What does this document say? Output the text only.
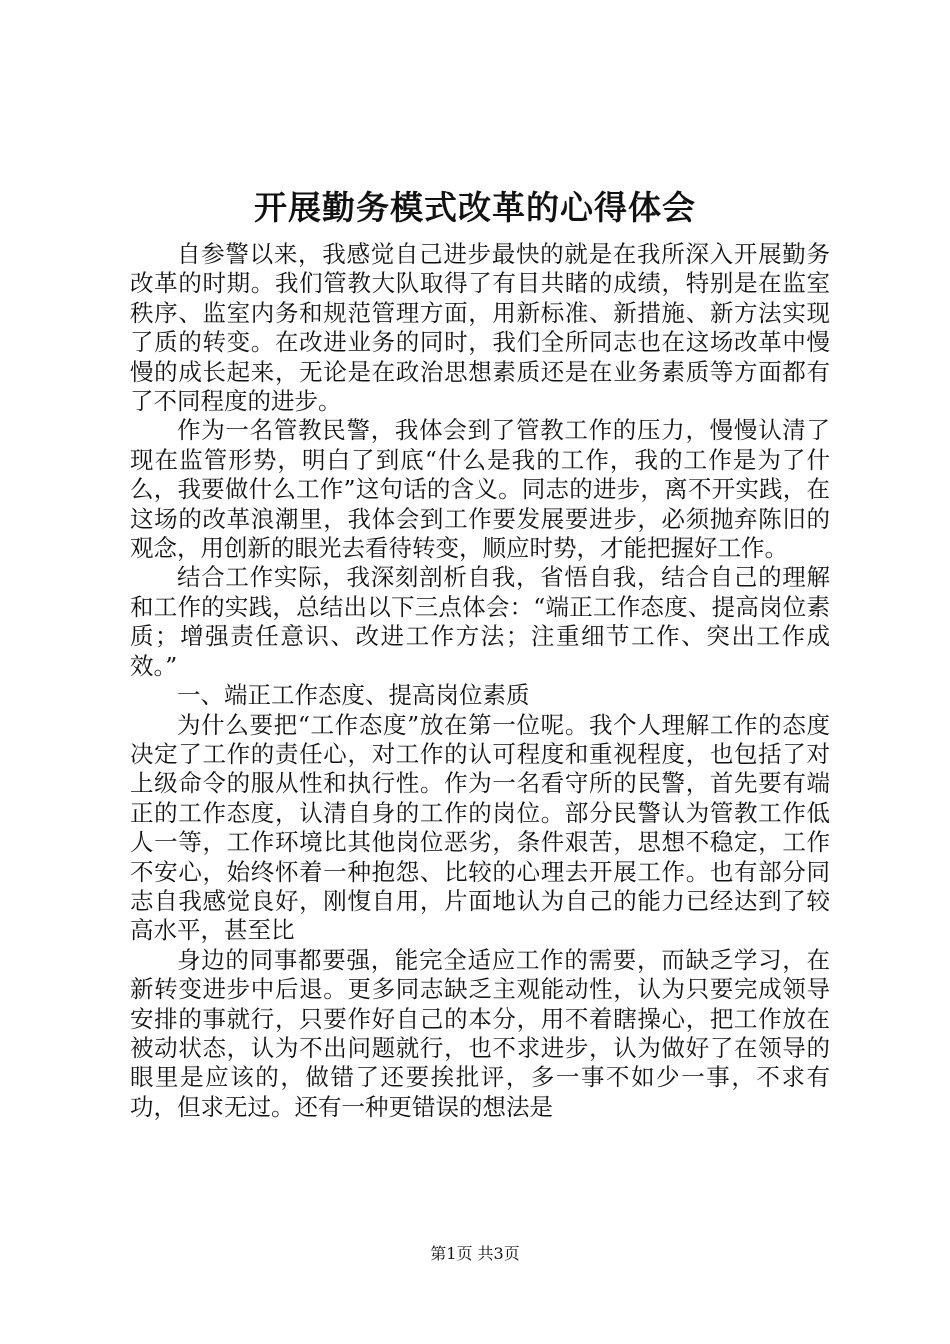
开展勤务模式改革的心得体会

自参警以来，我感觉自己进步最快的就是在我所深入开展勤务改革的时期。我们管教大队取得了有目共睹的成绩，特别是在监室秩序、监室内务和规范管理方面，用新标准、新措施、新方法实现了质的转变。在改进业务的同时，我们全所同志也在这场改革中慢慢的成长起来，无论是在政治思想素质还是在业务素质等方面都有了不同程度的进步。

作为一名管教民警，我体会到了管教工作的压力，慢慢认清了现在监管形势，明白了到底“什么是我的工作，我的工作是为了什么，我要做什么工作”这句话的含义。同志的进步，离不开实践，在这场的改革浪潮里，我体会到工作要发展要进步，必须抛弃陈旧的观念，用创新的眼光去看待转变，顺应时势，才能把握好工作。

结合工作实际，我深刻剖析自我，省悟自我，结合自己的理解和工作的实践，总结出以下三点体会：“端正工作态度、提高岗位素质；增强责任意识、改进工作方法；注重细节工作、突出工作成效。”

一、端正工作态度、提高岗位素质

为什么要把“工作态度”放在第一位呢。我个人理解工作的态度决定了工作的责任心，对工作的认可程度和重视程度，也包括了对上级命令的服从性和执行性。作为一名看守所的民警，首先要有端正的工作态度，认清自身的工作的岗位。部分民警认为管教工作低人一等，工作环境比其他岗位恶劣，条件艰苦，思想不稳定，工作不安心，始终怀着一种抱怨、比较的心理去开展工作。也有部分同志自我感觉良好，刚愎自用，片面地认为自己的能力已经达到了较高水平，甚至比

身边的同事都要强，能完全适应工作的需要，而缺乏学习，在新转变进步中后退。更多同志缺乏主观能动性，认为只要完成领导安排的事就行，只要作好自己的本分，用不着瞎操心，把工作放在被动状态，认为不出问题就行，也不求进步，认为做好了在领导的眼里是应该的，做错了还要挨批评，多一事不如少一事，不求有功，但求无过。还有一种更错误的想法是

第1页 共3页
